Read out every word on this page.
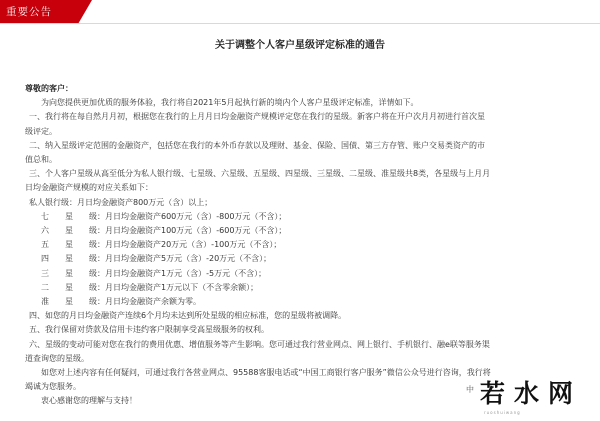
重要公告
关于调整个人客户星级评定标准的通告

尊敬的客户：

为向您提供更加优质的服务体验，我行将自2021年5月起执行新的境内个人客户星级评定标准，详情如下。

一、我行将在每自然月月初，根据您在我行的上月月日均金融资产规模评定您在我行的星级。新客户将在开户次月月初进行首次星

级评定。

二、纳入星级评定范围的金融资产，包括您在我行的本外币存款以及理财、基金、保险、国债、第三方存管、账户交易类资产的市

值总和。

三、个人客户星级从高至低分为私人银行级、七星级、六星级、五星级、四星级、三星级、二星级、准星级共8类，各星级与上月月

日均金融资产规模的对应关系如下：

私人银行级：月日均金融资产800万元（含）以上；

七　　星　　级：月日均金融资产600万元（含）-800万元（不含）；

六　　星　　级：月日均金融资产100万元（含）-600万元（不含）；

五　　星　　级：月日均金融资产20万元（含）-100万元（不含）；

四　　星　　级：月日均金融资产5万元（含）-20万元（不含）；

三　　星　　级：月日均金融资产1万元（含）-5万元（不含）；

二　　星　　级：月日均金融资产1万元以下（不含零余额）；

准　　星　　级：月日均金融资产余额为零。

四、如您的月日均金融资产连续6个月均未达到所处星级的相应标准，您的星级将被调降。

五、我行保留对贷款及信用卡违约客户限制享受高星级服务的权利。

六、星级的变动可能对您在我行的费用优惠、增值服务等产生影响。您可通过我行营业网点、网上银行、手机银行、融e联等服务渠

道查询您的星级。

如您对上述内容有任何疑问，可通过我行各营业网点、95588客服电话或“中国工商银行客户服务”微信公众号进行咨询，我行将

竭诚为您服务。

衷心感谢您的理解与支持！

中 若水网
ruoshuiwang
